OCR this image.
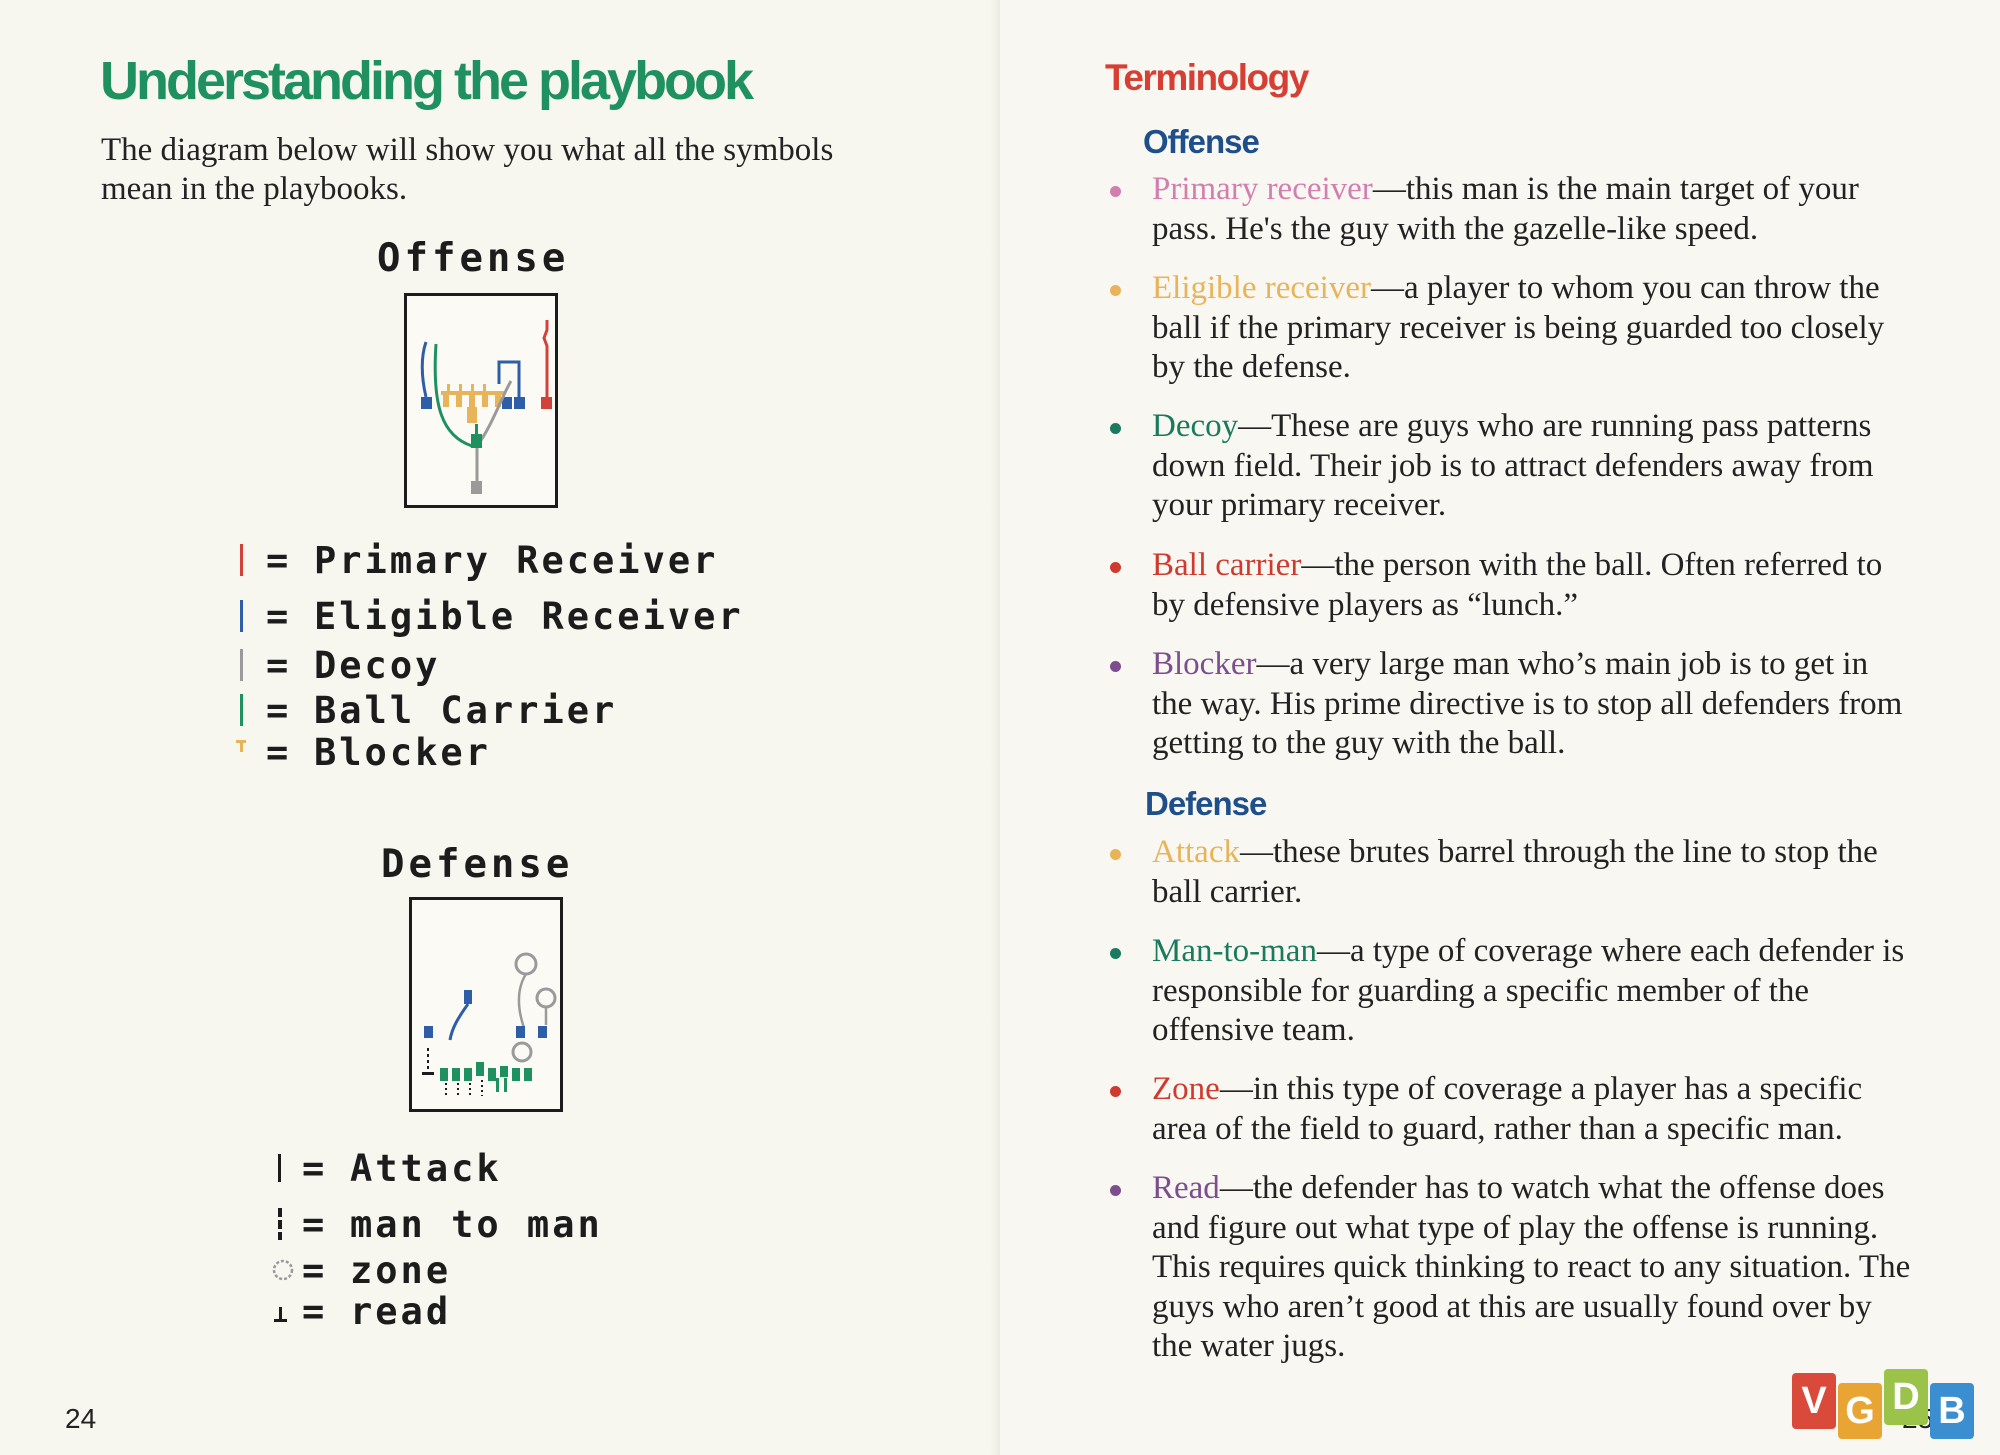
Understanding the playbook

The diagram below will show you what all the symbols mean in the playbooks.

Offense
= Primary Receiver
= Eligible Receiver
= Decoy
= Ball Carrier
= Blocker
Defense
= Attack
= man to man
= zone
= read
24
Terminology
Offense

Primary receiver—this man is the main target of your pass. He's the guy with the gazelle-like speed.

Eligible receiver—a player to whom you can throw the ball if the primary receiver is being guarded too closely by the defense.

Decoy—These are guys who are running pass patterns down field. Their job is to attract defenders away from your primary receiver.

Ball carrier—the person with the ball. Often referred to by defensive players as “lunch.”

Blocker—a very large man who’s main job is to get in the way. His prime directive is to stop all defenders from getting to the guy with the ball.

Defense

Attack—these brutes barrel through the line to stop the ball carrier.

Man-to-man—a type of coverage where each defender is responsible for guarding a specific member of the offensive team.

Zone—in this type of coverage a player has a specific area of the field to guard, rather than a specific man.

Read—the defender has to watch what the offense does and figure out what type of play the offense is running. This requires quick thinking to react to any situation. The guys who aren’t good at this are usually found over by the water jugs.

V G D B
